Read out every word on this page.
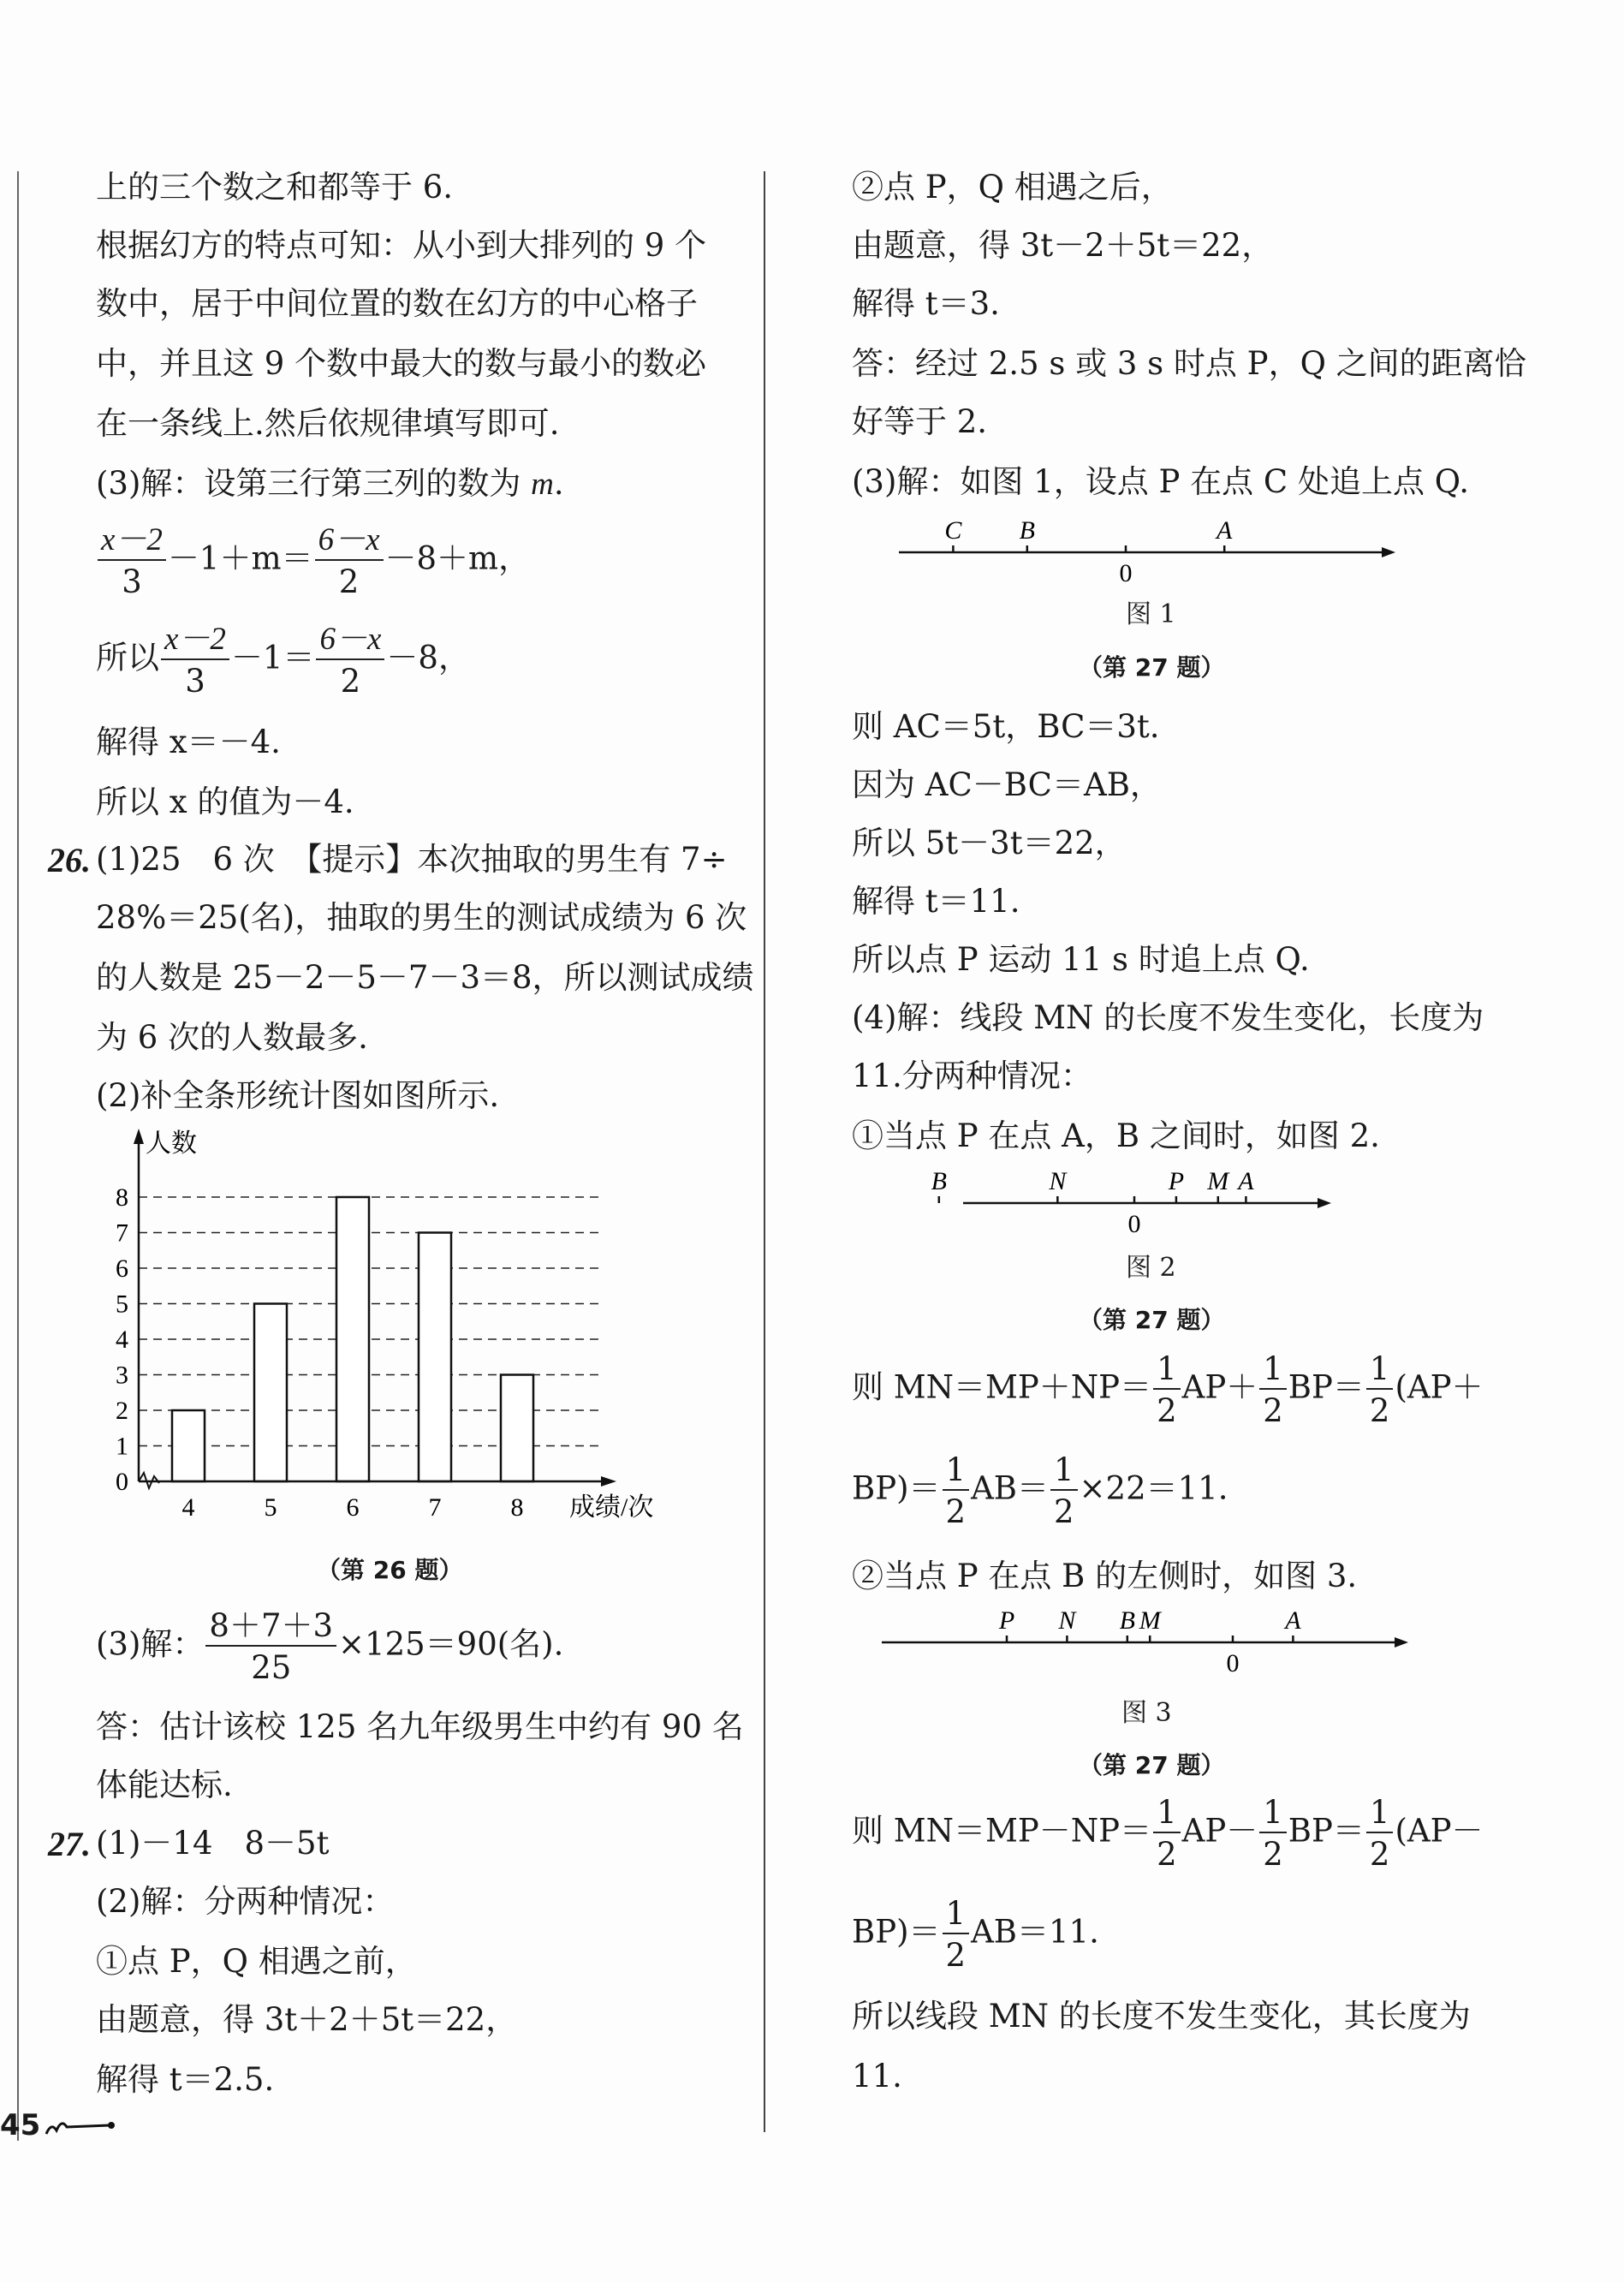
上的三个数之和都等于 6.
根据幻方的特点可知：从小到大排列的 9 个
数中，居于中间位置的数在幻方的中心格子
中，并且这 9 个数中最大的数与最小的数必
在一条线上.然后依规律填写即可.
(3)解：设第三行第三列的数为 m.
$\frac{x-2}{3} -1+m= \frac{6-x}{2} -8+m$，
所以 $\frac{x-2}{3} -1= \frac{6-x}{2} -8$，
解得 x＝－4.
所以 x 的值为－4.
26. (1)25　6 次　【提示】本次抽取的男生有 7÷
28%＝25(名)，抽取的男生的测试成绩为 6 次
的人数是 25－2－5－7－3＝8，所以测试成绩
为 6 次的人数最多.
(2)补全条形统计图如图所示.
0
1
2
3
4
5
6
7
8
4	5	6	7	8
人数
成绩/次
（第 26 题）
(3)解： $\frac{8+7+3}{25} \times 125=90$(名).
答：估计该校 125 名九年级男生中约有 90 名
体能达标.
27. (1)－14　8－5t
(2)解：分两种情况：
①点 P，Q 相遇之前，
由题意，得 3t＋2＋5t＝22，
解得 t＝2.5.
45
②点 P，Q 相遇之后，
由题意，得 3t－2＋5t＝22，
解得 t＝3.
答：经过 2.5 s 或 3 s 时点 P，Q 之间的距离恰
好等于 2.
(3)解：如图 1，设点 P 在点 C 处追上点 Q.
C B
0
A
图 1
（第 27 题）
则 AC＝5t，BC＝3t.
因为 AC－BC＝AB，
所以 5t－3t＝22，
解得 t＝11.
所以点 P 运动 11 s 时追上点 Q.
(4)解：线段 MN 的长度不发生变化，长度为
11.分两种情况：
①当点 P 在点 A，B 之间时，如图 2.
B	N
0
P M A
图 2
（第 27 题）
则 $MN=MP+NP= \frac{1}{2} AP+ \frac{1}{2} BP= \frac{1}{2} (AP+$
$BP)= \frac{1}{2} AB= \frac{1}{2} \times 22=11$.
②当点 P 在点 B 的左侧时，如图 3.
P N B M
0
A
图 3
（第 27 题）
则 $MN=MP-NP= \frac{1}{2} AP- \frac{1}{2} BP= \frac{1}{2} (AP-$
$BP)= \frac{1}{2} AB=11$.
所以线段 MN 的长度不发生变化，其长度为
11.
